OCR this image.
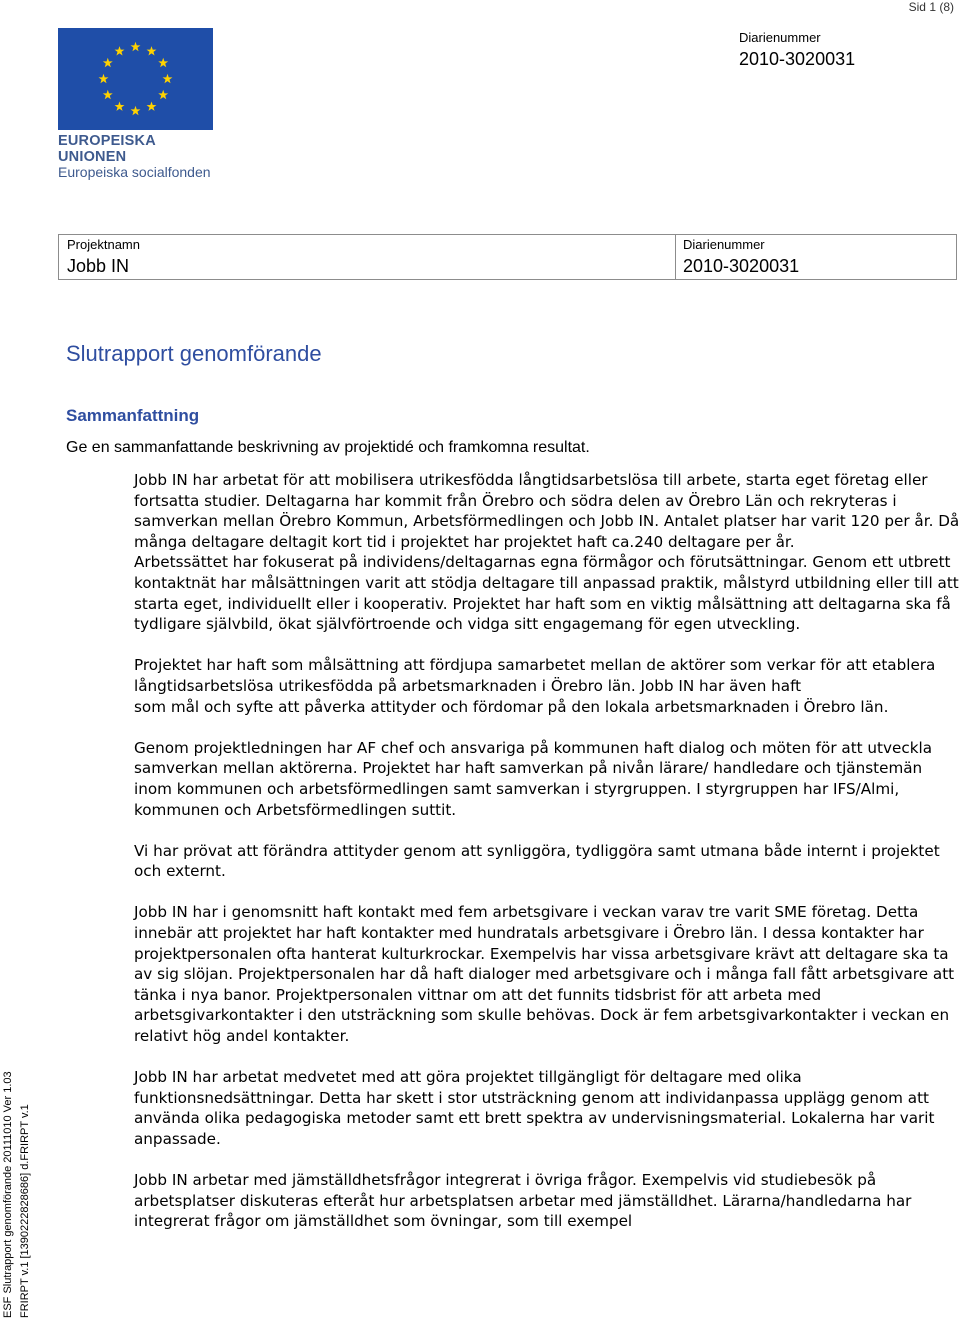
Sid 1 (8)
EUROPEISKA UNIONEN
Europeiska socialfonden
Diarienummer
2010-3020031
Projektnamn
Jobb IN
Diarienummer
2010-3020031
Slutrapport genomförande
Sammanfattning
Ge en sammanfattande beskrivning av projektidé och framkomna resultat.

Jobb IN har arbetat för att mobilisera utrikesfödda långtidsarbetslösa till arbete, starta eget företag eller fortsatta studier. Deltagarna har kommit från Örebro och södra delen av Örebro Län och rekryteras i samverkan mellan Örebro Kommun, Arbetsförmedlingen och Jobb IN. Antalet platser har varit 120 per år. Då många deltagare deltagit kort tid i projektet har projektet haft ca.240 deltagare per år.
Arbetssättet har fokuserat på individens/deltagarnas egna förmågor och förutsättningar. Genom ett utbrett kontaktnät har målsättningen varit att stödja deltagare till anpassad praktik, målstyrd utbildning eller till att starta eget, individuellt eller i kooperativ. Projektet har haft som en viktig målsättning att deltagarna ska få tydligare självbild, ökat självförtroende och vidga sitt engagemang för egen utveckling.

Projektet har haft som målsättning att fördjupa samarbetet mellan de aktörer som verkar för att etablera långtidsarbetslösa utrikesfödda på arbetsmarknaden i Örebro län. Jobb IN har även haft
som mål och syfte att påverka attityder och fördomar på den lokala arbetsmarknaden i Örebro län.

Genom projektledningen har AF chef och ansvariga på kommunen haft dialog och möten för att utveckla samverkan mellan aktörerna. Projektet har haft samverkan på nivån lärare/ handledare och tjänstemän inom kommunen och arbetsförmedlingen samt samverkan i styrgruppen. I styrgruppen har IFS/Almi, kommunen och Arbetsförmedlingen suttit.

Vi har prövat att förändra attityder genom att synliggöra, tydliggöra samt utmana både internt i projektet och externt.

Jobb IN har i genomsnitt haft kontakt med fem arbetsgivare i veckan varav tre varit SME företag. Detta innebär att projektet har haft kontakter med hundratals arbetsgivare i Örebro län. I dessa kontakter har projektpersonalen ofta hanterat kulturkrockar. Exempelvis har vissa arbetsgivare krävt att deltagare ska ta av sig slöjan. Projektpersonalen har då haft dialoger med arbetsgivare och i många fall fått arbetsgivare att tänka i nya banor. Projektpersonalen vittnar om att det funnits tidsbrist för att arbeta med arbetsgivarkontakter i den utsträckning som skulle behövas. Dock är fem arbetsgivarkontakter i veckan en relativt hög andel kontakter.

Jobb IN har arbetat medvetet med att göra projektet tillgängligt för deltagare med olika funktionsnedsättningar. Detta har skett i stor utsträckning genom att individanpassa upplägg genom att använda olika pedagogiska metoder samt ett brett spektra av undervisningsmaterial. Lokalerna har varit anpassade.

Jobb IN arbetar med jämställdhetsfrågor integrerat i övriga frågor. Exempelvis vid studiebesök på arbetsplatser diskuteras efteråt hur arbetsplatsen arbetar med jämställdhet. Lärarna/handledarna har integrerat frågor om jämställdhet som övningar, som till exempel

ESF Slutrapport genomförande 20111010 Ver 1.03 FRIRPT v.1 [1390222828686] d.FRIRPT v.1
